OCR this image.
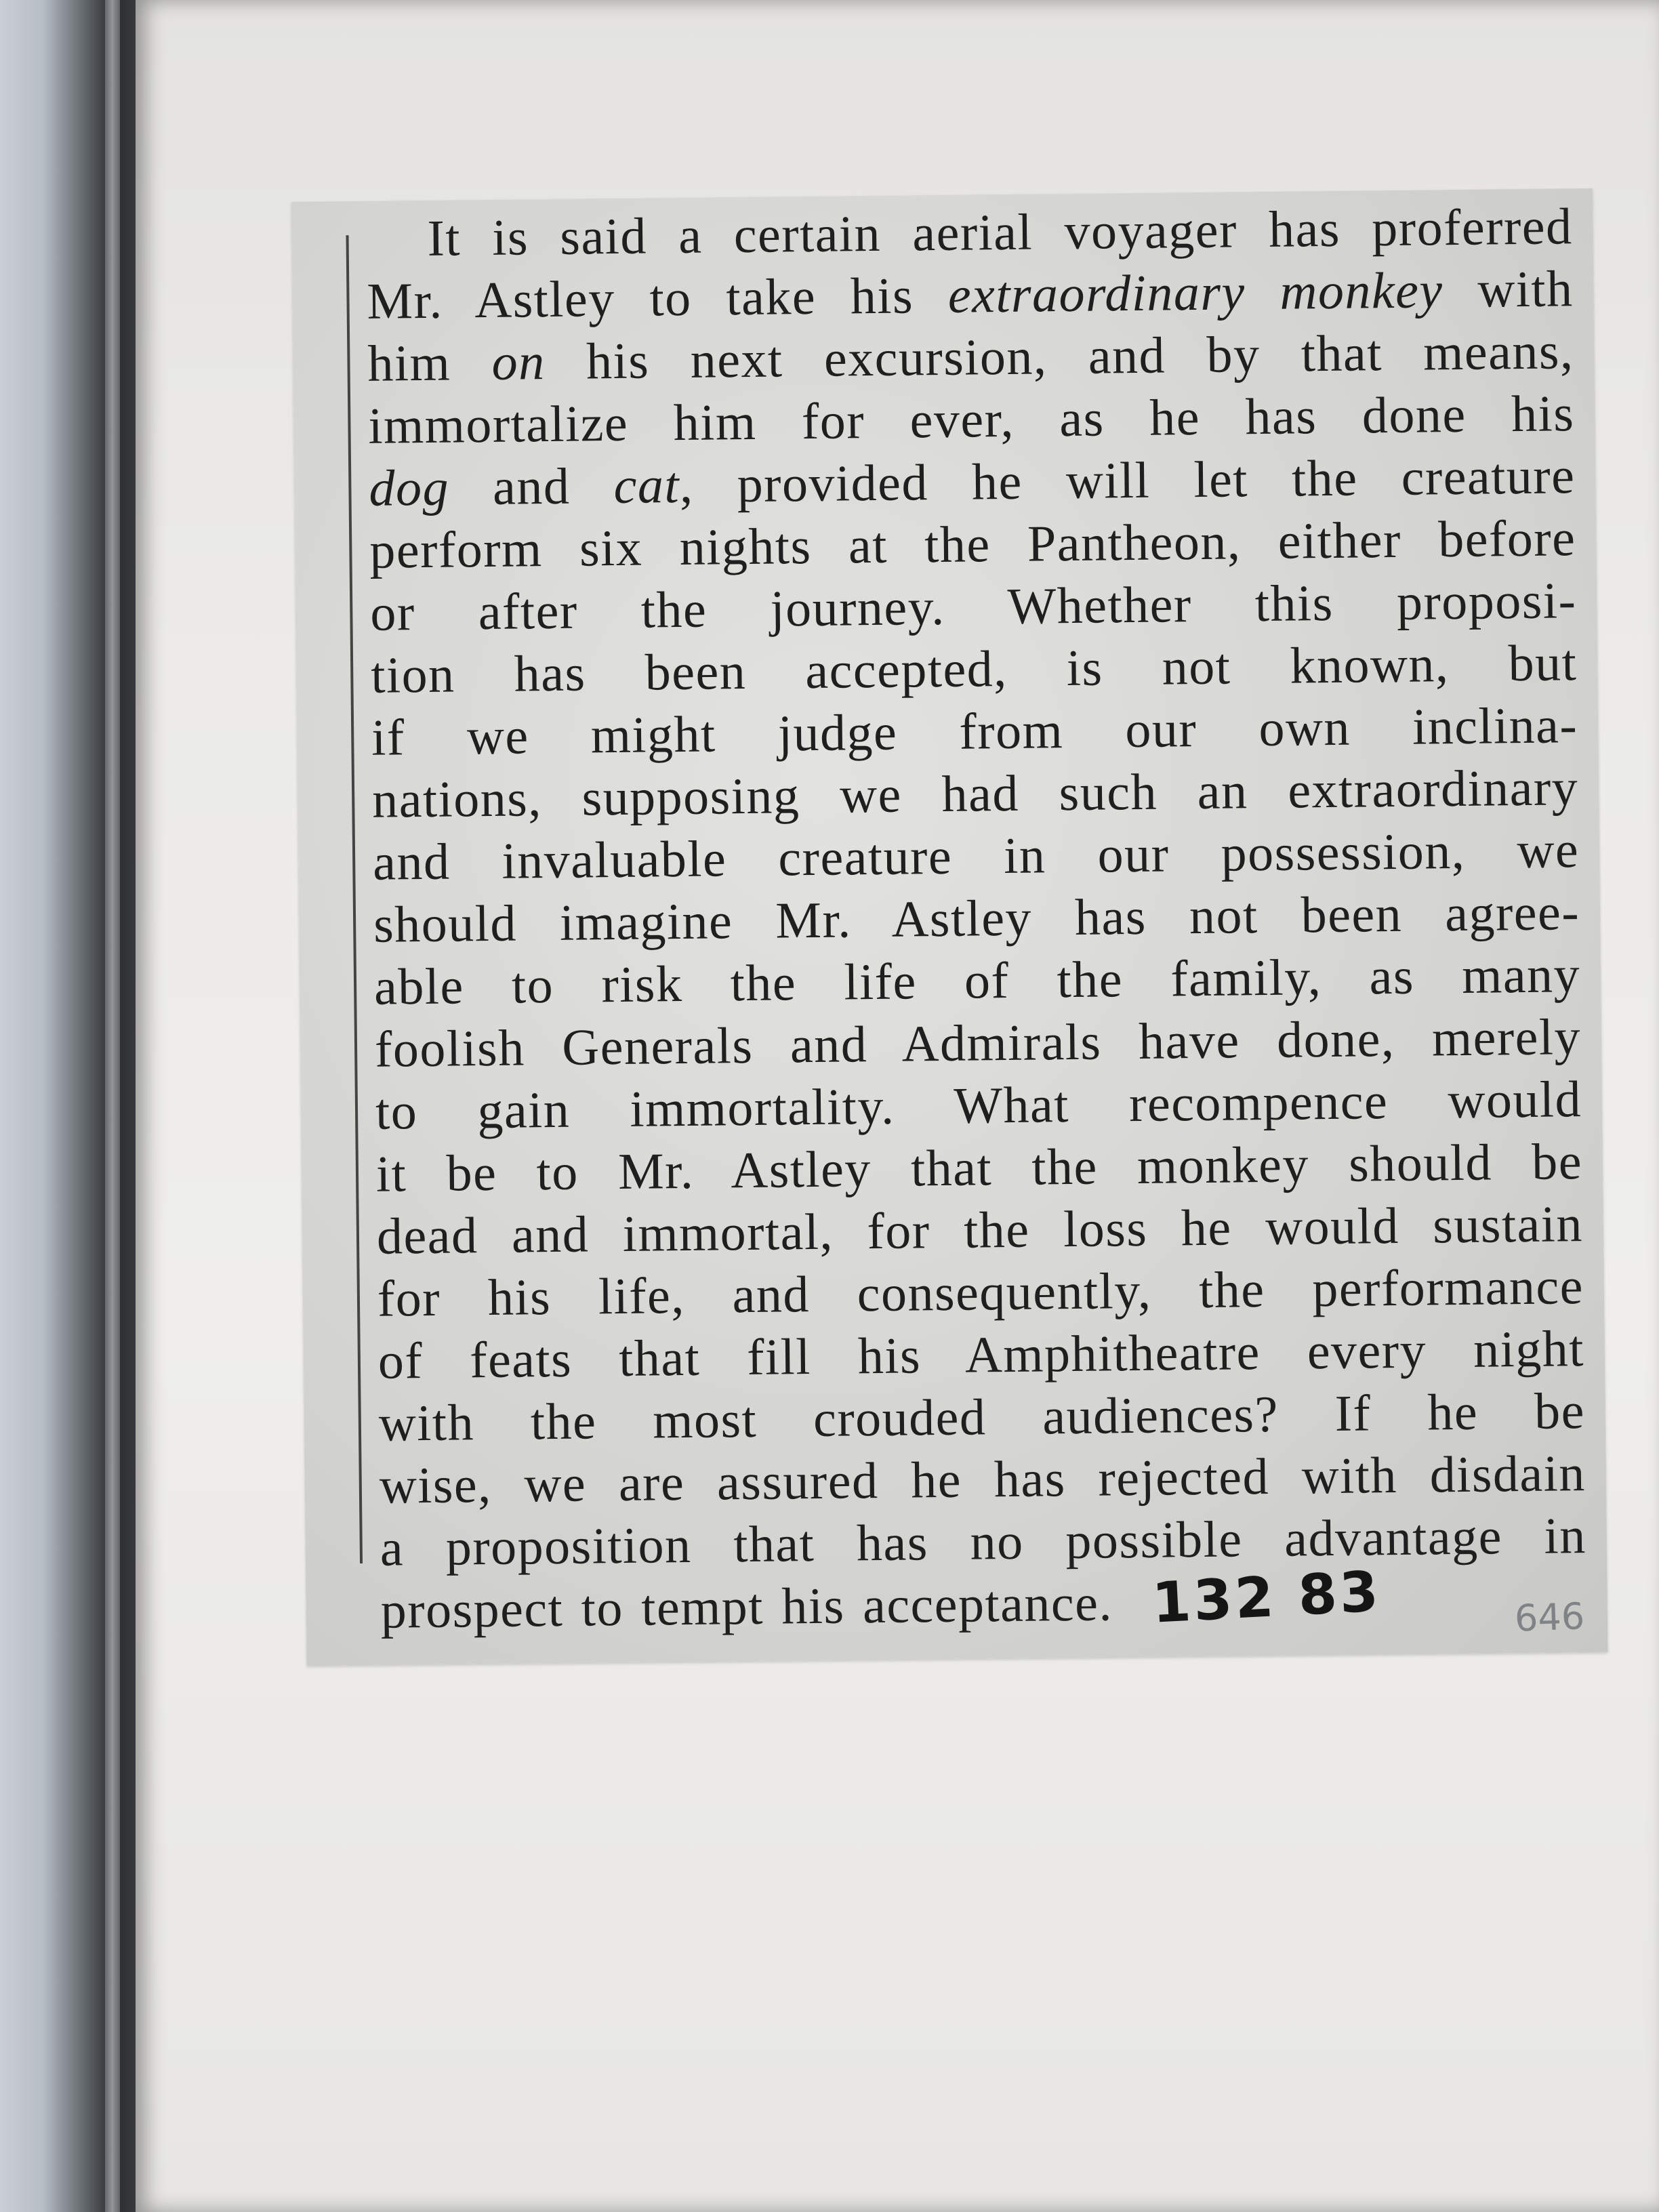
It is said a certain aerial voyager has proferred
Mr. Astley to take his extraordinary monkey with
him on his next excursion, and by that means,
immortalize him for ever, as he has done his
dog and cat, provided he will let the creature
perform six nights at the Pantheon, either before
or after the journey. Whether this proposi-
tion has been accepted, is not known, but
if we might judge from our own inclina-
nations, supposing we had such an extraordinary
and invaluable creature in our possession, we
should imagine Mr. Astley has not been agree-
able to risk the life of the family, as many
foolish Generals and Admirals have done, merely
to gain immortality. What recompence would
it be to Mr. Astley that the monkey should be
dead and immortal, for the loss he would sustain
for his life, and consequently, the performance
of feats that fill his Amphitheatre every night
with the most crouded audiences? If he be
wise, we are assured he has rejected with disdain
a proposition that has no possible advantage in
prospect to tempt his acceptance. 132 83	646
